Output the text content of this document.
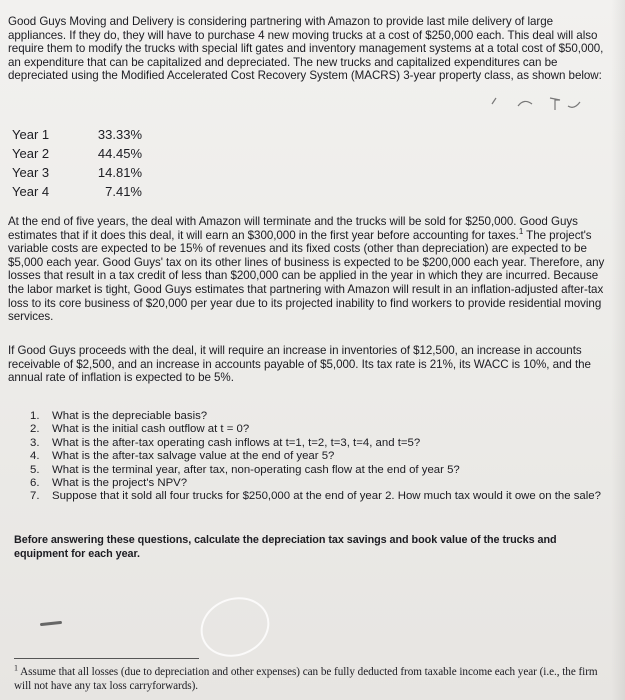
Good Guys Moving and Delivery is considering partnering with Amazon to provide last mile delivery of large appliances. If they do, they will have to purchase 4 new moving trucks at a cost of $250,000 each. This deal will also require them to modify the trucks with special lift gates and inventory management systems at a total cost of $50,000, an expenditure that can be capitalized and depreciated. The new trucks and capitalized expenditures can be depreciated using the Modified Accelerated Cost Recovery System (MACRS) 3-year property class, as shown below:

Year 1	33.33%
Year 2	44.45%
Year 3	14.81%
Year 4	7.41%

At the end of five years, the deal with Amazon will terminate and the trucks will be sold for $250,000. Good Guys estimates that if it does this deal, it will earn an $300,000 in the first year before accounting for taxes.$^1$ The project's variable costs are expected to be 15% of revenues and its fixed costs (other than depreciation) are expected to be $5,000 each year. Good Guys' tax on its other lines of business is expected to be $200,000 each year. Therefore, any losses that result in a tax credit of less than $200,000 can be applied in the year in which they are incurred. Because the labor market is tight, Good Guys estimates that partnering with Amazon will result in an inflation-adjusted after-tax loss to its core business of $20,000 per year due to its projected inability to find workers to provide residential moving services.

If Good Guys proceeds with the deal, it will require an increase in inventories of $12,500, an increase in accounts receivable of $2,500, and an increase in accounts payable of $5,000. Its tax rate is 21%, its WACC is 10%, and the annual rate of inflation is expected to be 5%.

1.	What is the depreciable basis?
2.	What is the initial cash outflow at t = 0?
3.	What is the after-tax operating cash inflows at t=1, t=2, t=3, t=4, and t=5?
4.	What is the after-tax salvage value at the end of year 5?
5.	What is the terminal year, after tax, non-operating cash flow at the end of year 5?
6.	What is the project's NPV?
7.	Suppose that it sold all four trucks for $250,000 at the end of year 2. How much tax would it owe on the sale?

Before answering these questions, calculate the depreciation tax savings and book value of the trucks and equipment for each year.

$^1$ Assume that all losses (due to depreciation and other expenses) can be fully deducted from taxable income each year (i.e., the firm will not have any tax loss carryforwards).
